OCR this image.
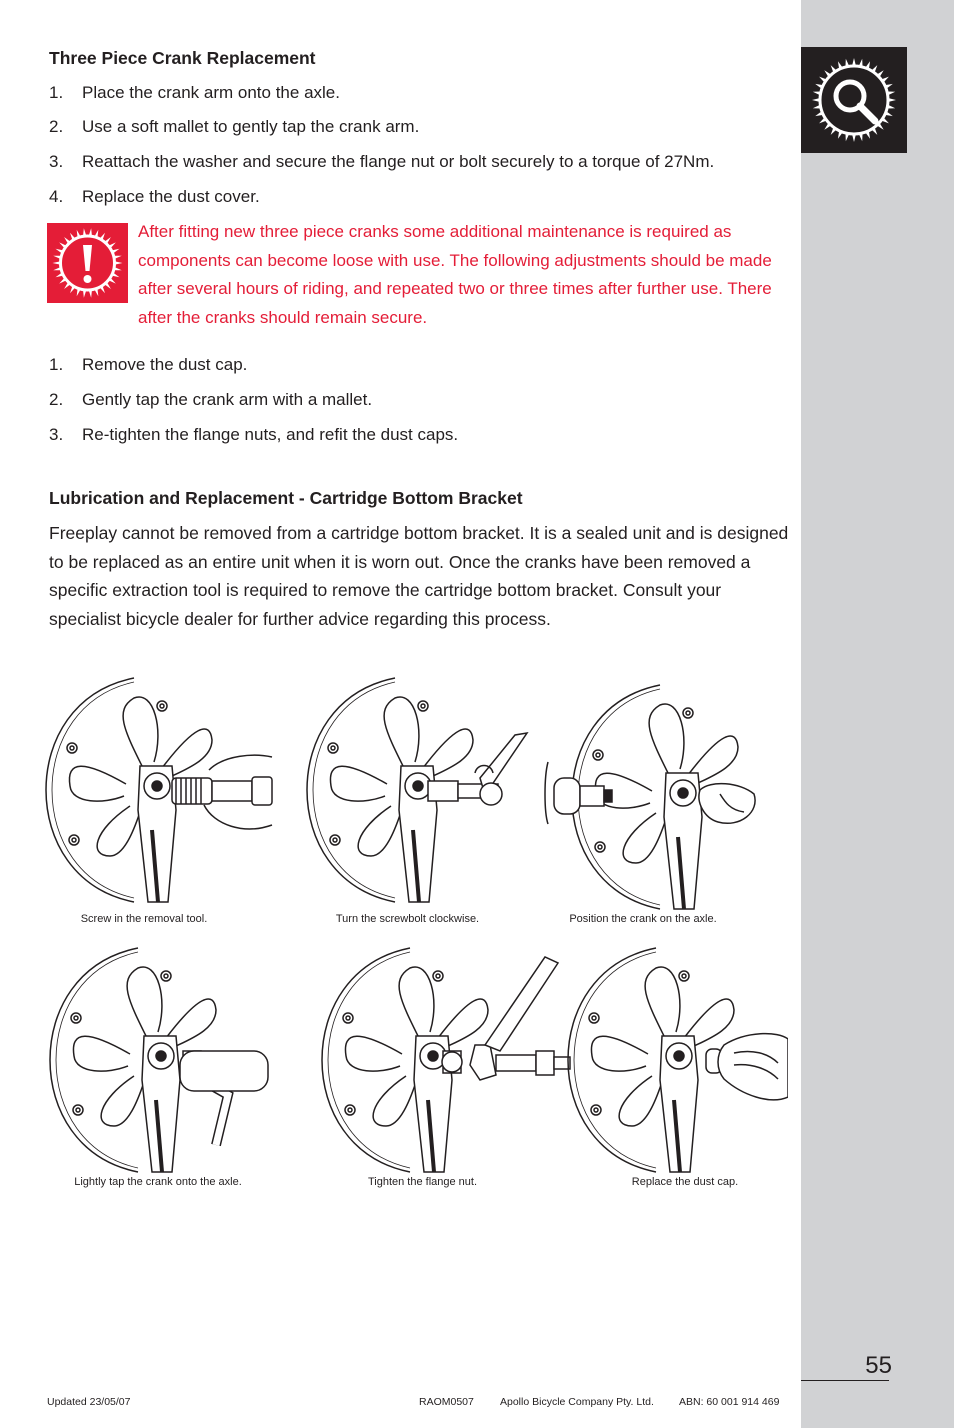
55
Three Piece Crank Replacement
1. Place the crank arm onto the axle.
2. Use a soft mallet to gently tap the crank arm.
3. Reattach the washer and secure the flange nut or bolt securely to a torque of 27Nm.
4. Replace the dust cover.

After fitting new three piece cranks some additional maintenance is required as components can become loose with use. The following adjustments should be made after several hours of riding, and repeated two or three times after further use. There after the cranks should remain secure.

1. Remove the dust cap.
2. Gently tap the crank arm with a mallet.
3. Re-tighten the flange nuts, and refit the dust caps.
Lubrication and Replacement - Cartridge Bottom Bracket

Freeplay cannot be removed from a cartridge bottom bracket. It is a sealed unit and is designed to be replaced as an entire unit when it is worn out. Once the cranks have been removed a specific extraction tool is required to remove the cartridge bottom bracket. Consult your specialist bicycle dealer for further advice regarding this process.

Screw in the removal tool.	Turn the screwbolt clockwise.	Position the crank on the axle.
Lightly tap the crank onto the axle.	Tighten the flange nut.	Replace the dust cap.
Updated 23/05/07	RAOM0507 Apollo Bicycle Company Pty. Ltd. ABN: 60 001 914 469
